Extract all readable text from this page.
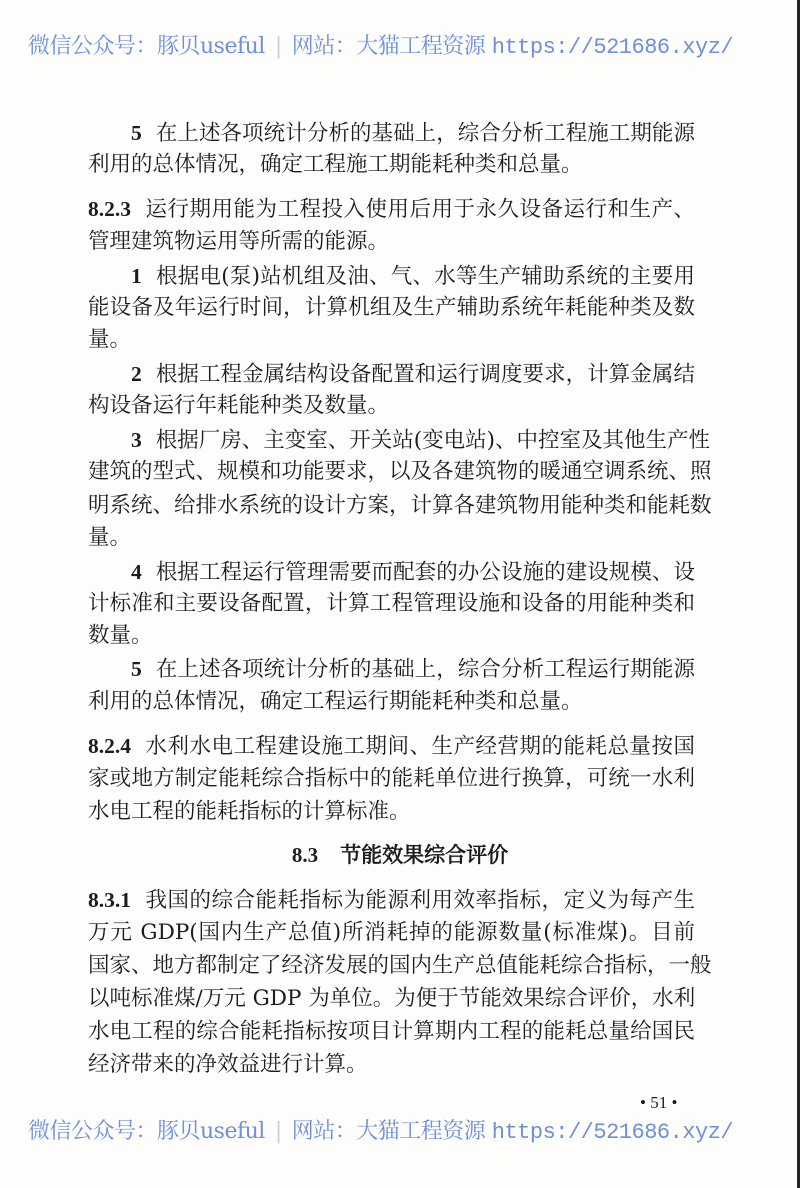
微信公众号：豚贝useful | 网站：大猫工程资源 https://521686.xyz/
5 在上述各项统计分析的基础上，综合分析工程施工期能源
利用的总体情况，确定工程施工期能耗种类和总量。
8.2.3 运行期用能为工程投入使用后用于永久设备运行和生产、
管理建筑物运用等所需的能源。
1 根据电(泵)站机组及油、气、水等生产辅助系统的主要用
能设备及年运行时间，计算机组及生产辅助系统年耗能种类及数
量。
2 根据工程金属结构设备配置和运行调度要求，计算金属结
构设备运行年耗能种类及数量。
3 根据厂房、主变室、开关站(变电站)、中控室及其他生产性
建筑的型式、规模和功能要求，以及各建筑物的暖通空调系统、照
明系统、给排水系统的设计方案，计算各建筑物用能种类和能耗数
量。
4 根据工程运行管理需要而配套的办公设施的建设规模、设
计标准和主要设备配置，计算工程管理设施和设备的用能种类和
数量。
5 在上述各项统计分析的基础上，综合分析工程运行期能源
利用的总体情况，确定工程运行期能耗种类和总量。
8.2.4 水利水电工程建设施工期间、生产经营期的能耗总量按国
家或地方制定能耗综合指标中的能耗单位进行换算，可统一水利
水电工程的能耗指标的计算标准。
8.3 节能效果综合评价
8.3.1 我国的综合能耗指标为能源利用效率指标，定义为每产生
万元 GDP(国内生产总值)所消耗掉的能源数量(标准煤)。目前
国家、地方都制定了经济发展的国内生产总值能耗综合指标，一般
以吨标准煤/万元 GDP 为单位。为便于节能效果综合评价，水利
水电工程的综合能耗指标按项目计算期内工程的能耗总量给国民
经济带来的净效益进行计算。
• 51 •
微信公众号：豚贝useful | 网站：大猫工程资源 https://521686.xyz/
